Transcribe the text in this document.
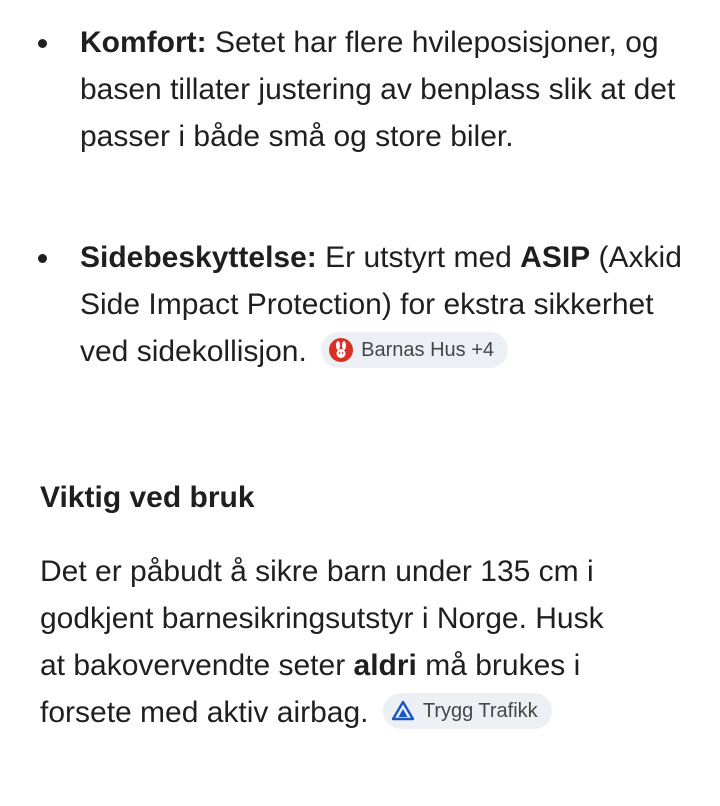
Komfort: Setet har flere hvileposisjoner, og basen tillater justering av benplass slik at det passer i både små og store biler.
Sidebeskyttelse: Er utstyrt med ASIP (Axkid Side Impact Protection) for ekstra sikkerhet ved sidekollisjon.	Barnas Hus +4
Viktig ved bruk

Det er påbudt å sikre barn under 135 cm i godkjent barnesikringsutstyr i Norge. Husk at bakovervendte seter aldri må brukes i forsete med aktiv airbag.	Trygg Trafikk
